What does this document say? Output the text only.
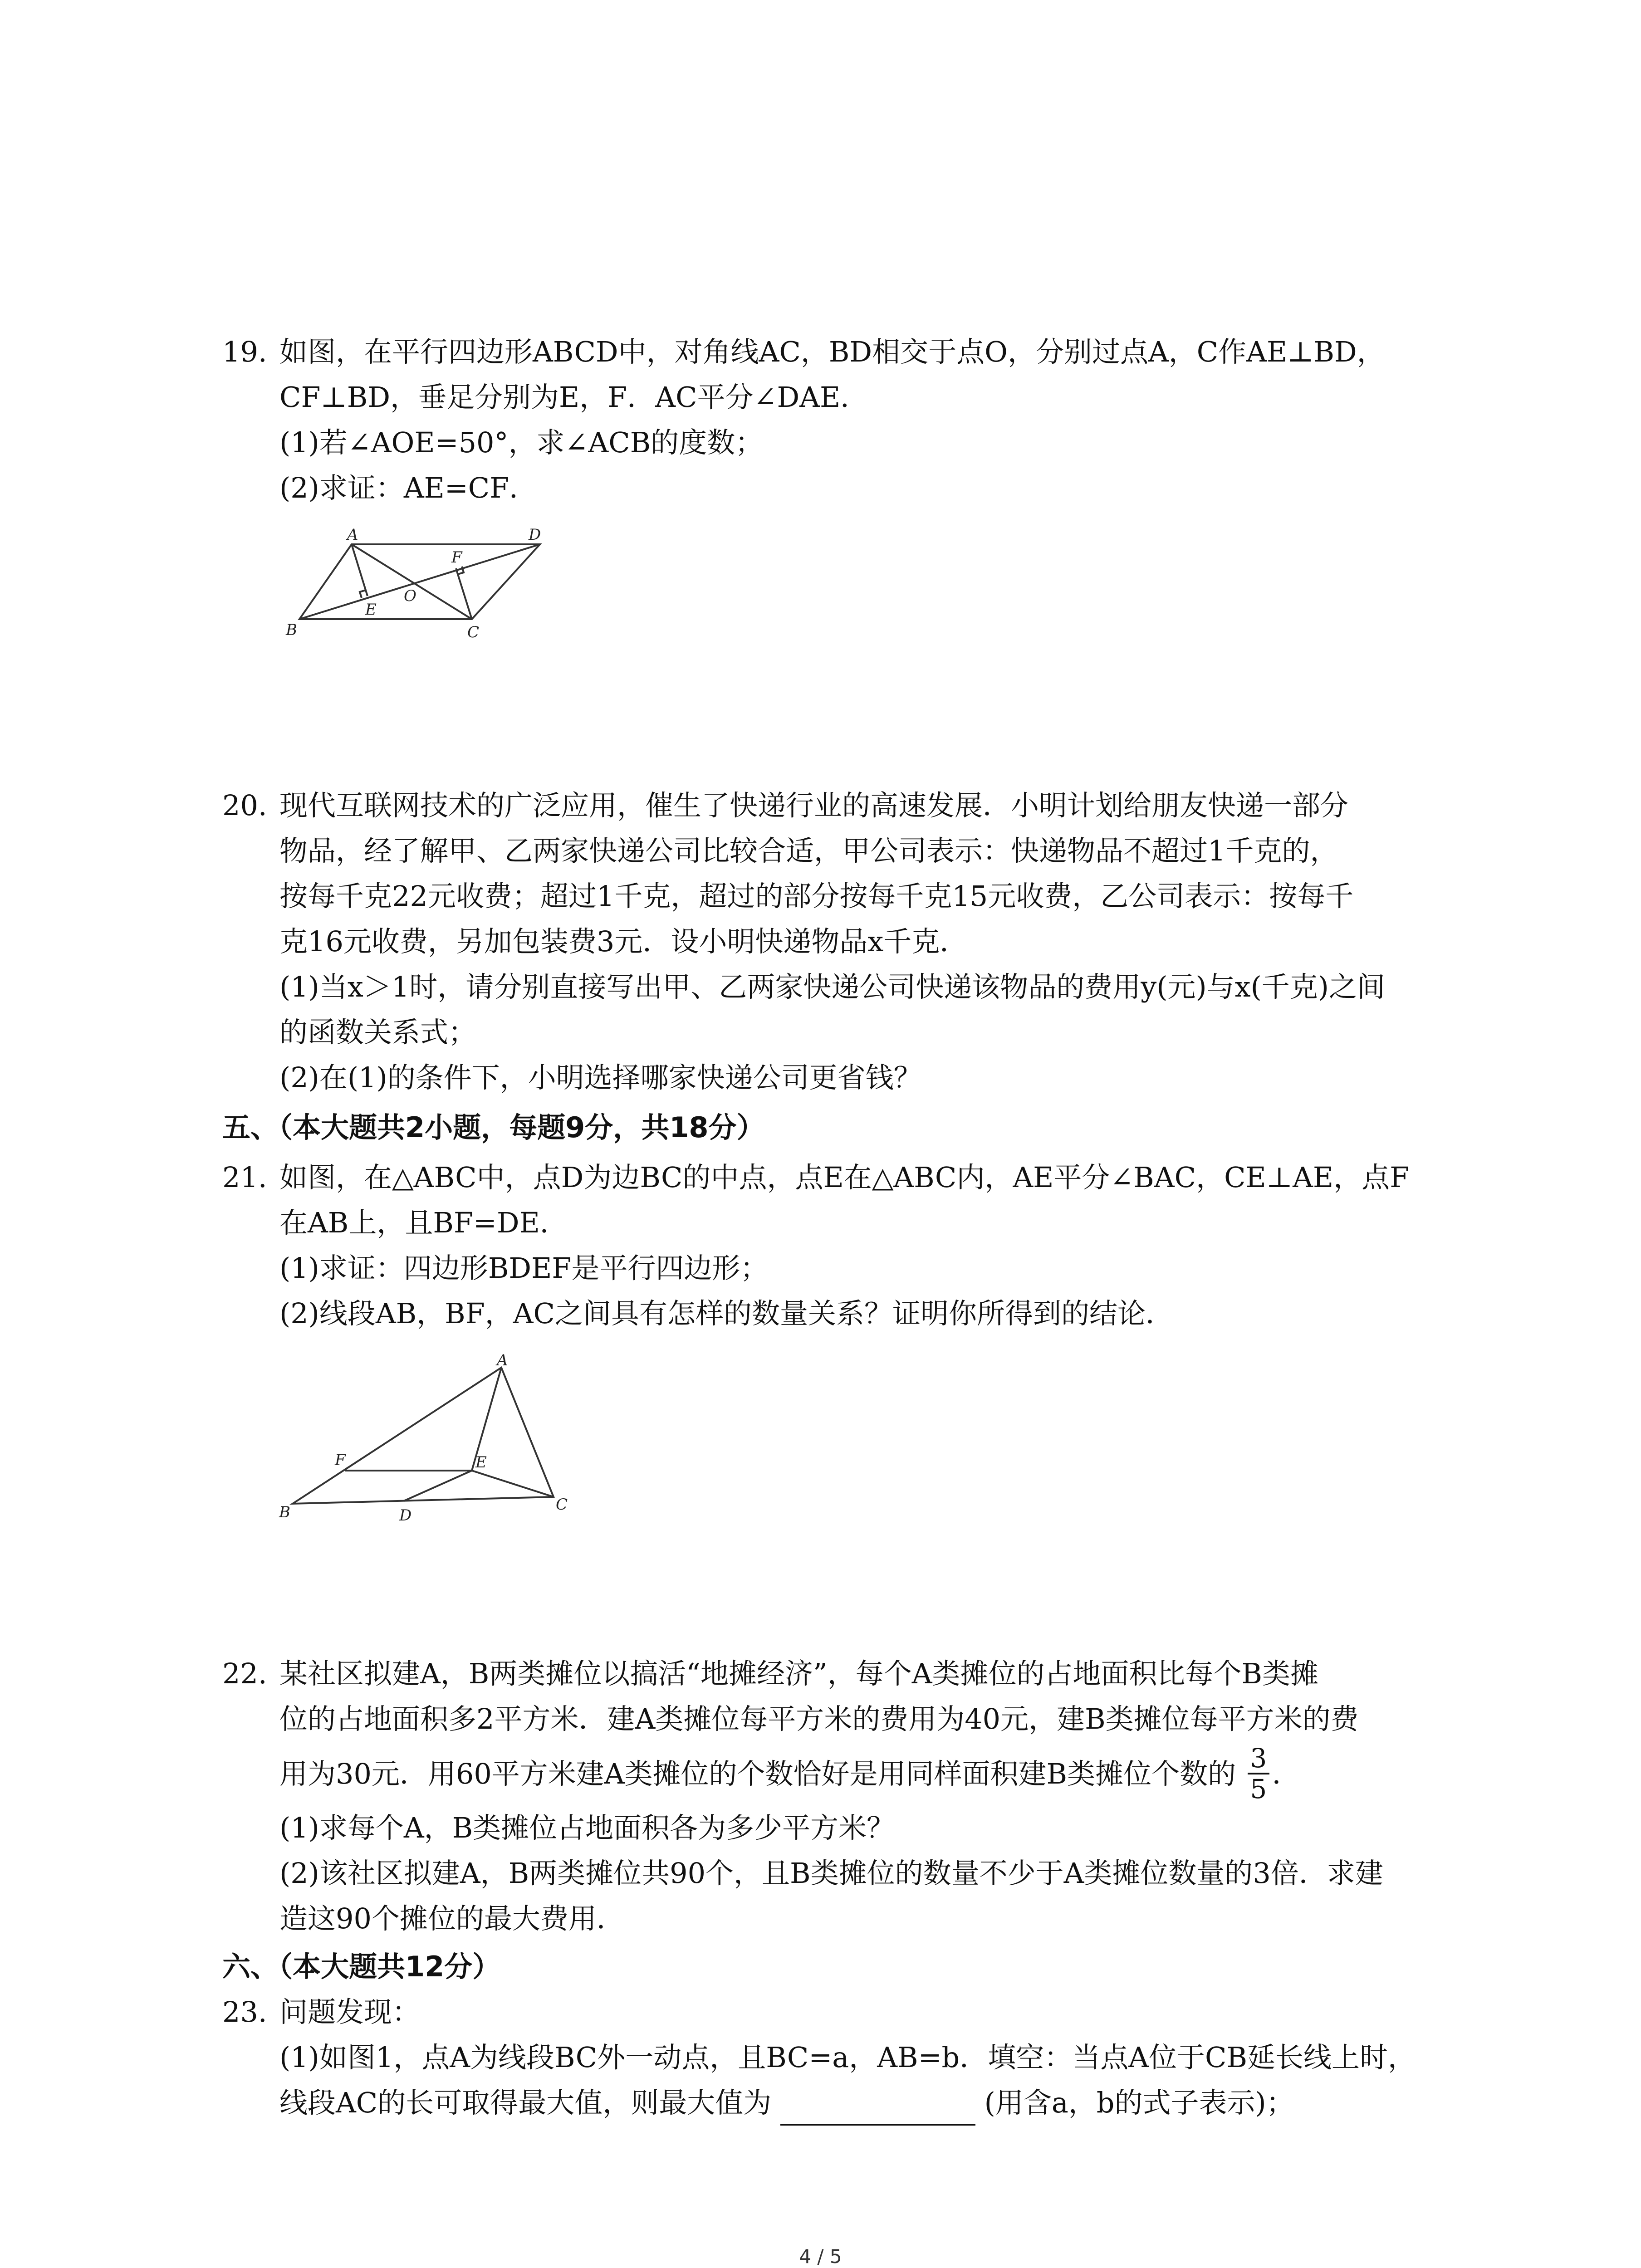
19. 如图，在平行四边形ABCD中，对角线AC，BD相交于点O，分别过点A，C作AE⊥BD，
CF⊥BD，垂足分别为E，F．AC平分∠DAE．
(1)若∠AOE=50°，求∠ACB的度数；
(2)求证：AE=CF．
A
B	C
D
E
F
O
20. 现代互联网技术的广泛应用，催生了快递行业的高速发展．小明计划给朋友快递一部分
物品，经了解甲、乙两家快递公司比较合适，甲公司表示：快递物品不超过1千克的，
按每千克22元收费；超过1千克，超过的部分按每千克15元收费，乙公司表示：按每千
克16元收费，另加包装费3元．设小明快递物品x千克．
(1)当x＞1时，请分别直接写出甲、乙两家快递公司快递该物品的费用y(元)与x(千克)之间
的函数关系式；
(2)在(1)的条件下，小明选择哪家快递公司更省钱？
五、（本大题共2小题，每题9分，共18分）
21. 如图，在△ABC中，点D为边BC的中点，点E在△ABC内，AE平分∠BAC，CE⊥AE，点F
在AB上，且BF=DE．
(1)求证：四边形BDEF是平行四边形；
(2)线段AB，BF，AC之间具有怎样的数量关系？证明你所得到的结论．
A
B	C
D
E
F
22. 某社区拟建A，B两类摊位以搞活“地摊经济”，每个A类摊位的占地面积比每个B类摊
位的占地面积多2平方米．建A类摊位每平方米的费用为40元，建B类摊位每平方米的费
用为30元．用60平方米建A类摊位的个数恰好是用同样面积建B类摊位个数的 $\frac{3}{5}$ ．
(1)求每个A，B类摊位占地面积各为多少平方米？
(2)该社区拟建A，B两类摊位共90个，且B类摊位的数量不少于A类摊位数量的3倍．求建
造这90个摊位的最大费用．
六、（本大题共12分）
23. 问题发现：
(1)如图1，点A为线段BC外一动点，且BC=a，AB=b．填空：当点A位于CB延长线上时，
线段AC的长可取得最大值，则最大值为	(用含a，b的式子表示)；
4 / 5
